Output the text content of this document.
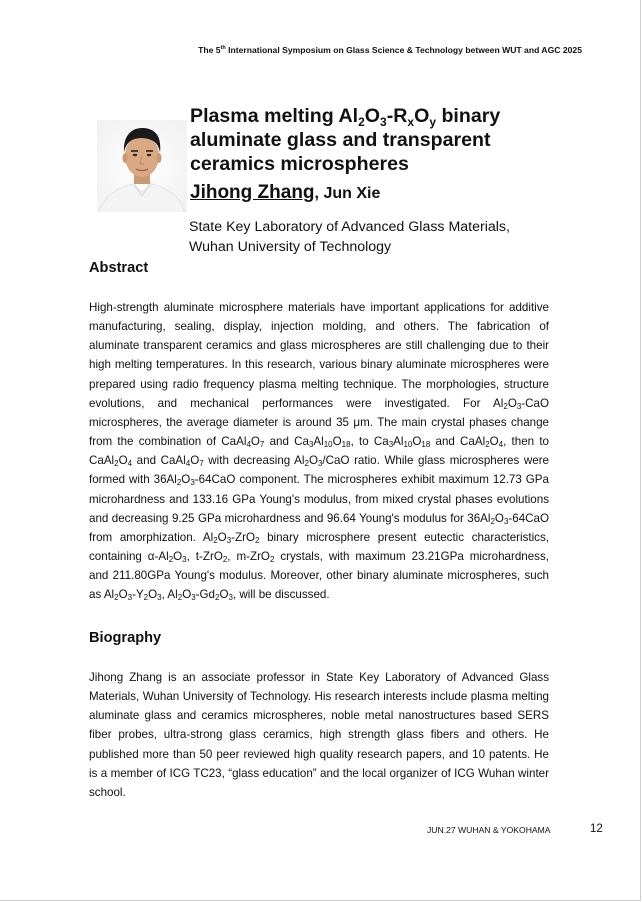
The 5th International Symposium on Glass Science & Technology between WUT and AGC 2025
Plasma melting $Al_2O_3-R_xO_y$ binary aluminate glass and transparent ceramics microspheres
Jihong Zhang, Jun Xie
State Key Laboratory of Advanced Glass Materials,
Wuhan University of Technology
Abstract

High-strength aluminate microsphere materials have important applications for additive manufacturing, sealing, display, injection molding, and others. The fabrication of aluminate transparent ceramics and glass microspheres are still challenging due to their high melting temperatures. In this research, various binary aluminate microspheres were prepared using radio frequency plasma melting technique. The morphologies, structure evolutions, and mechanical performances were investigated. For $Al_2O_3$-CaO microspheres, the average diameter is around 35 μm. The main crystal phases change from the combination of $CaAl_4O_7$ and $Ca_3Al_{10}O_{18}$, to $Ca_3Al_{10}O_{18}$ and $CaAl_2O_4$, then to $CaAl_2O_4$ and $CaAl_4O_7$ with decreasing $Al_2O_3$/CaO ratio. While glass microspheres were formed with $36Al_2O_3-64CaO$ component. The microspheres exhibit maximum 12.73 GPa microhardness and 133.16 GPa Young's modulus, from mixed crystal phases evolutions and decreasing 9.25 GPa microhardness and 96.64 Young's modulus for $36Al_2O_3-64CaO$ from amorphization. $Al_2O_3-ZrO_2$ binary microsphere present eutectic characteristics, containing $\alpha-Al_2O_3$, t-ZrO$_2$, m-ZrO$_2$ crystals, with maximum 23.21GPa microhardness, and 211.80GPa Young's modulus. Moreover, other binary aluminate microspheres, such as $Al_2O_3-Y_2O_3$, $Al_2O_3-Gd_2O_3$, will be discussed.

Biography

Jihong Zhang is an associate professor in State Key Laboratory of Advanced Glass Materials, Wuhan University of Technology. His research interests include plasma melting aluminate glass and ceramics microspheres, noble metal nanostructures based SERS fiber probes, ultra-strong glass ceramics, high strength glass fibers and others. He published more than 50 peer reviewed high quality research papers, and 10 patents. He is a member of ICG TC23, “glass education” and the local organizer of ICG Wuhan winter school.

JUN.27 WUHAN & YOKOHAMA	12
